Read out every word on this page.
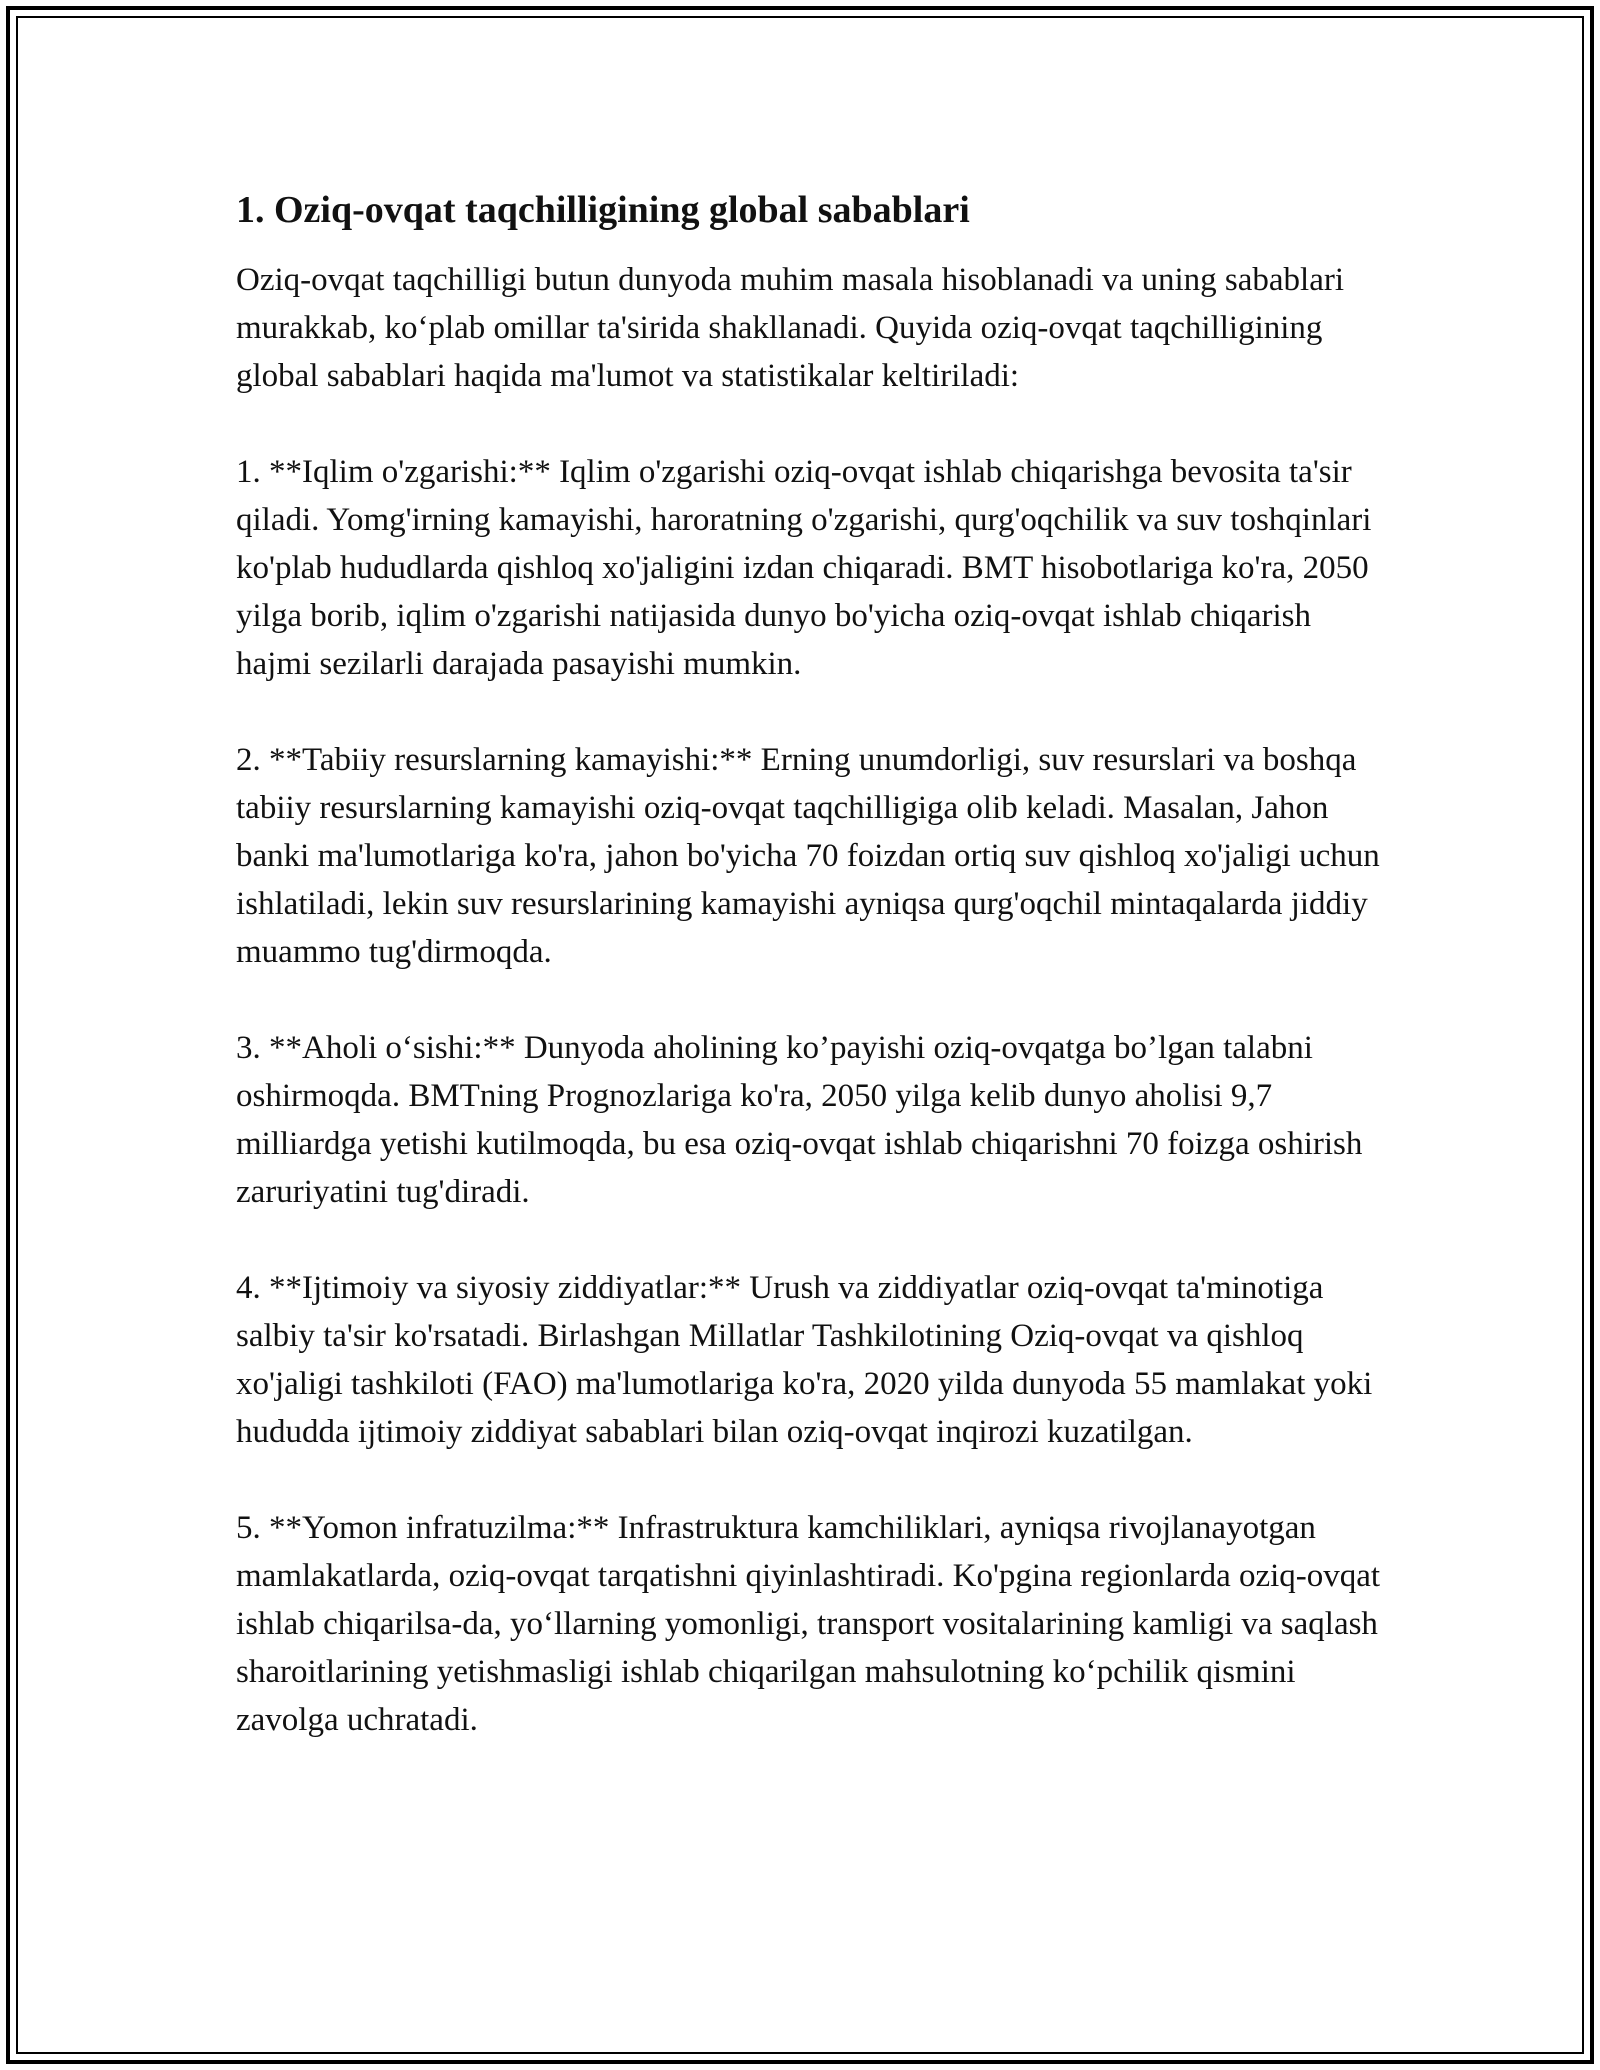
1. Oziq-ovqat taqchilligining global sabablari

Oziq-ovqat taqchilligi butun dunyoda muhim masala hisoblanadi va uning sabablari murakkab, ko‘plab omillar ta'sirida shakllanadi. Quyida oziq-ovqat taqchilligining global sabablari haqida ma'lumot va statistikalar keltiriladi:

1. **Iqlim o'zgarishi:** Iqlim o'zgarishi oziq-ovqat ishlab chiqarishga bevosita ta'sir qiladi. Yomg'irning kamayishi, haroratning o'zgarishi, qurg'oqchilik va suv toshqinlari ko'plab hududlarda qishloq xo'jaligini izdan chiqaradi. BMT hisobotlariga ko'ra, 2050 yilga borib, iqlim o'zgarishi natijasida dunyo bo'yicha oziq-ovqat ishlab chiqarish hajmi sezilarli darajada pasayishi mumkin.

2. **Tabiiy resurslarning kamayishi:** Erning unumdorligi, suv resurslari va boshqa tabiiy resurslarning kamayishi oziq-ovqat taqchilligiga olib keladi. Masalan, Jahon banki ma'lumotlariga ko'ra, jahon bo'yicha 70 foizdan ortiq suv qishloq xo'jaligi uchun ishlatiladi, lekin suv resurslarining kamayishi ayniqsa qurg'oqchil mintaqalarda jiddiy muammo tug'dirmoqda.

3. **Aholi o‘sishi:** Dunyoda aholining ko’payishi oziq-ovqatga bo’lgan talabni oshirmoqda. BMTning Prognozlariga ko'ra, 2050 yilga kelib dunyo aholisi 9,7 milliardga yetishi kutilmoqda, bu esa oziq-ovqat ishlab chiqarishni 70 foizga oshirish zaruriyatini tug'diradi.

4. **Ijtimoiy va siyosiy ziddiyatlar:** Urush va ziddiyatlar oziq-ovqat ta'minotiga salbiy ta'sir ko'rsatadi. Birlashgan Millatlar Tashkilotining Oziq-ovqat va qishloq xo'jaligi tashkiloti (FAO) ma'lumotlariga ko'ra, 2020 yilda dunyoda 55 mamlakat yoki hududda ijtimoiy ziddiyat sabablari bilan oziq-ovqat inqirozi kuzatilgan.

5. **Yomon infratuzilma:** Infrastruktura kamchiliklari, ayniqsa rivojlanayotgan mamlakatlarda, oziq-ovqat tarqatishni qiyinlashtiradi. Ko'pgina regionlarda oziq-ovqat ishlab chiqarilsa-da, yo‘llarning yomonligi, transport vositalarining kamligi va saqlash sharoitlarining yetishmasligi ishlab chiqarilgan mahsulotning ko‘pchilik qismini zavolga uchratadi.
